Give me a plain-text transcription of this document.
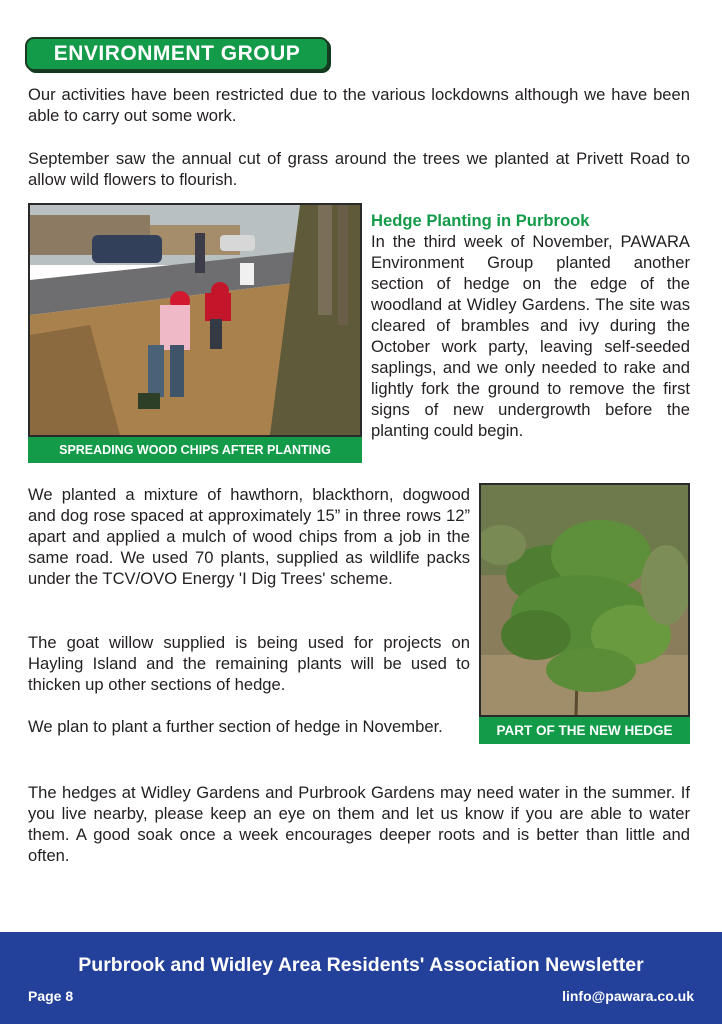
ENVIRONMENT GROUP

Our activities have been restricted due to the various lockdowns although we have been able to carry out some work.

September saw the annual cut of grass around the trees we planted at Privett Road to allow wild flowers to flourish.

SPREADING WOOD CHIPS AFTER PLANTING

Hedge Planting in Purbrook

In the third week of November, PAWARA Environment Group planted another section of hedge on the edge of the woodland at Widley Gardens. The site was cleared of brambles and ivy during the October work party, leaving self-seeded saplings, and we only needed to rake and lightly fork the ground to remove the first signs of new undergrowth before the planting could begin.

We planted a mixture of hawthorn, blackthorn, dogwood and dog rose spaced at approximately 15” in three rows 12” apart and applied a mulch of wood chips from a job in the same road. We used 70 plants, supplied as wildlife packs under the TCV/OVO Energy 'I Dig Trees' scheme.

PART OF THE NEW HEDGE

The goat willow supplied is being used for projects on Hayling Island and the remaining plants will be used to thicken up other sections of hedge.

We plan to plant a further section of hedge in November.

The hedges at Widley Gardens and Purbrook Gardens may need water in the summer. If you live nearby, please keep an eye on them and let us know if you are able to water them. A good soak once a week encourages deeper roots and is better than little and often.

Purbrook and Widley Area Residents' Association Newsletter
Page 8	linfo@pawara.co.uk
